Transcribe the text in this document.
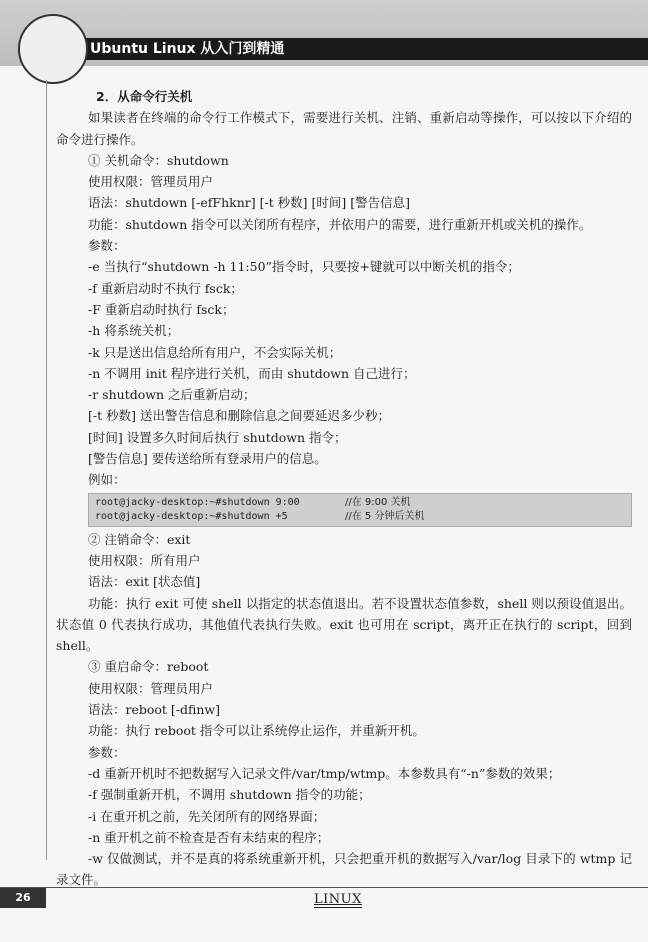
Ubuntu Linux 从入门到精通
2．从命令行关机
如果读者在终端的命令行工作模式下，需要进行关机、注销、重新启动等操作，可以按以下介绍的命令进行操作。
① 关机命令：shutdown
使用权限：管理员用户
语法：shutdown [-efFhknr] [-t 秒数] [时间] [警告信息]
功能：shutdown 指令可以关闭所有程序，并依用户的需要，进行重新开机或关机的操作。
参数：
-e 当执行“shutdown -h 11:50”指令时，只要按+键就可以中断关机的指令；
-f 重新启动时不执行 fsck；
-F 重新启动时执行 fsck；
-h 将系统关机；
-k 只是送出信息给所有用户，不会实际关机；
-n 不调用 init 程序进行关机，而由 shutdown 自己进行；
-r shutdown 之后重新启动；
[-t 秒数] 送出警告信息和删除信息之间要延迟多少秒；
[时间] 设置多久时间后执行 shutdown 指令；
[警告信息] 要传送给所有登录用户的信息。
例如：
root@jacky-desktop:~#shutdown 9:00	//在 9:00 关机
root@jacky-desktop:~#shutdown +5	//在 5 分钟后关机
② 注销命令：exit
使用权限：所有用户
语法：exit [状态值]
功能：执行 exit 可使 shell 以指定的状态值退出。若不设置状态值参数，shell 则以预设值退出。状态值 0 代表执行成功，其他值代表执行失败。exit 也可用在 script，离开正在执行的 script，回到 shell。
③ 重启命令：reboot
使用权限：管理员用户
语法：reboot [-dfinw]
功能：执行 reboot 指令可以让系统停止运作，并重新开机。
参数：
-d 重新开机时不把数据写入记录文件/var/tmp/wtmp。本参数具有“-n”参数的效果；
-f 强制重新开机，不调用 shutdown 指令的功能；
-i 在重开机之前，先关闭所有的网络界面；
-n 重开机之前不检查是否有未结束的程序；
-w 仅做测试，并不是真的将系统重新开机，只会把重开机的数据写入/var/log 目录下的 wtmp 记录文件。
26	LINUX
